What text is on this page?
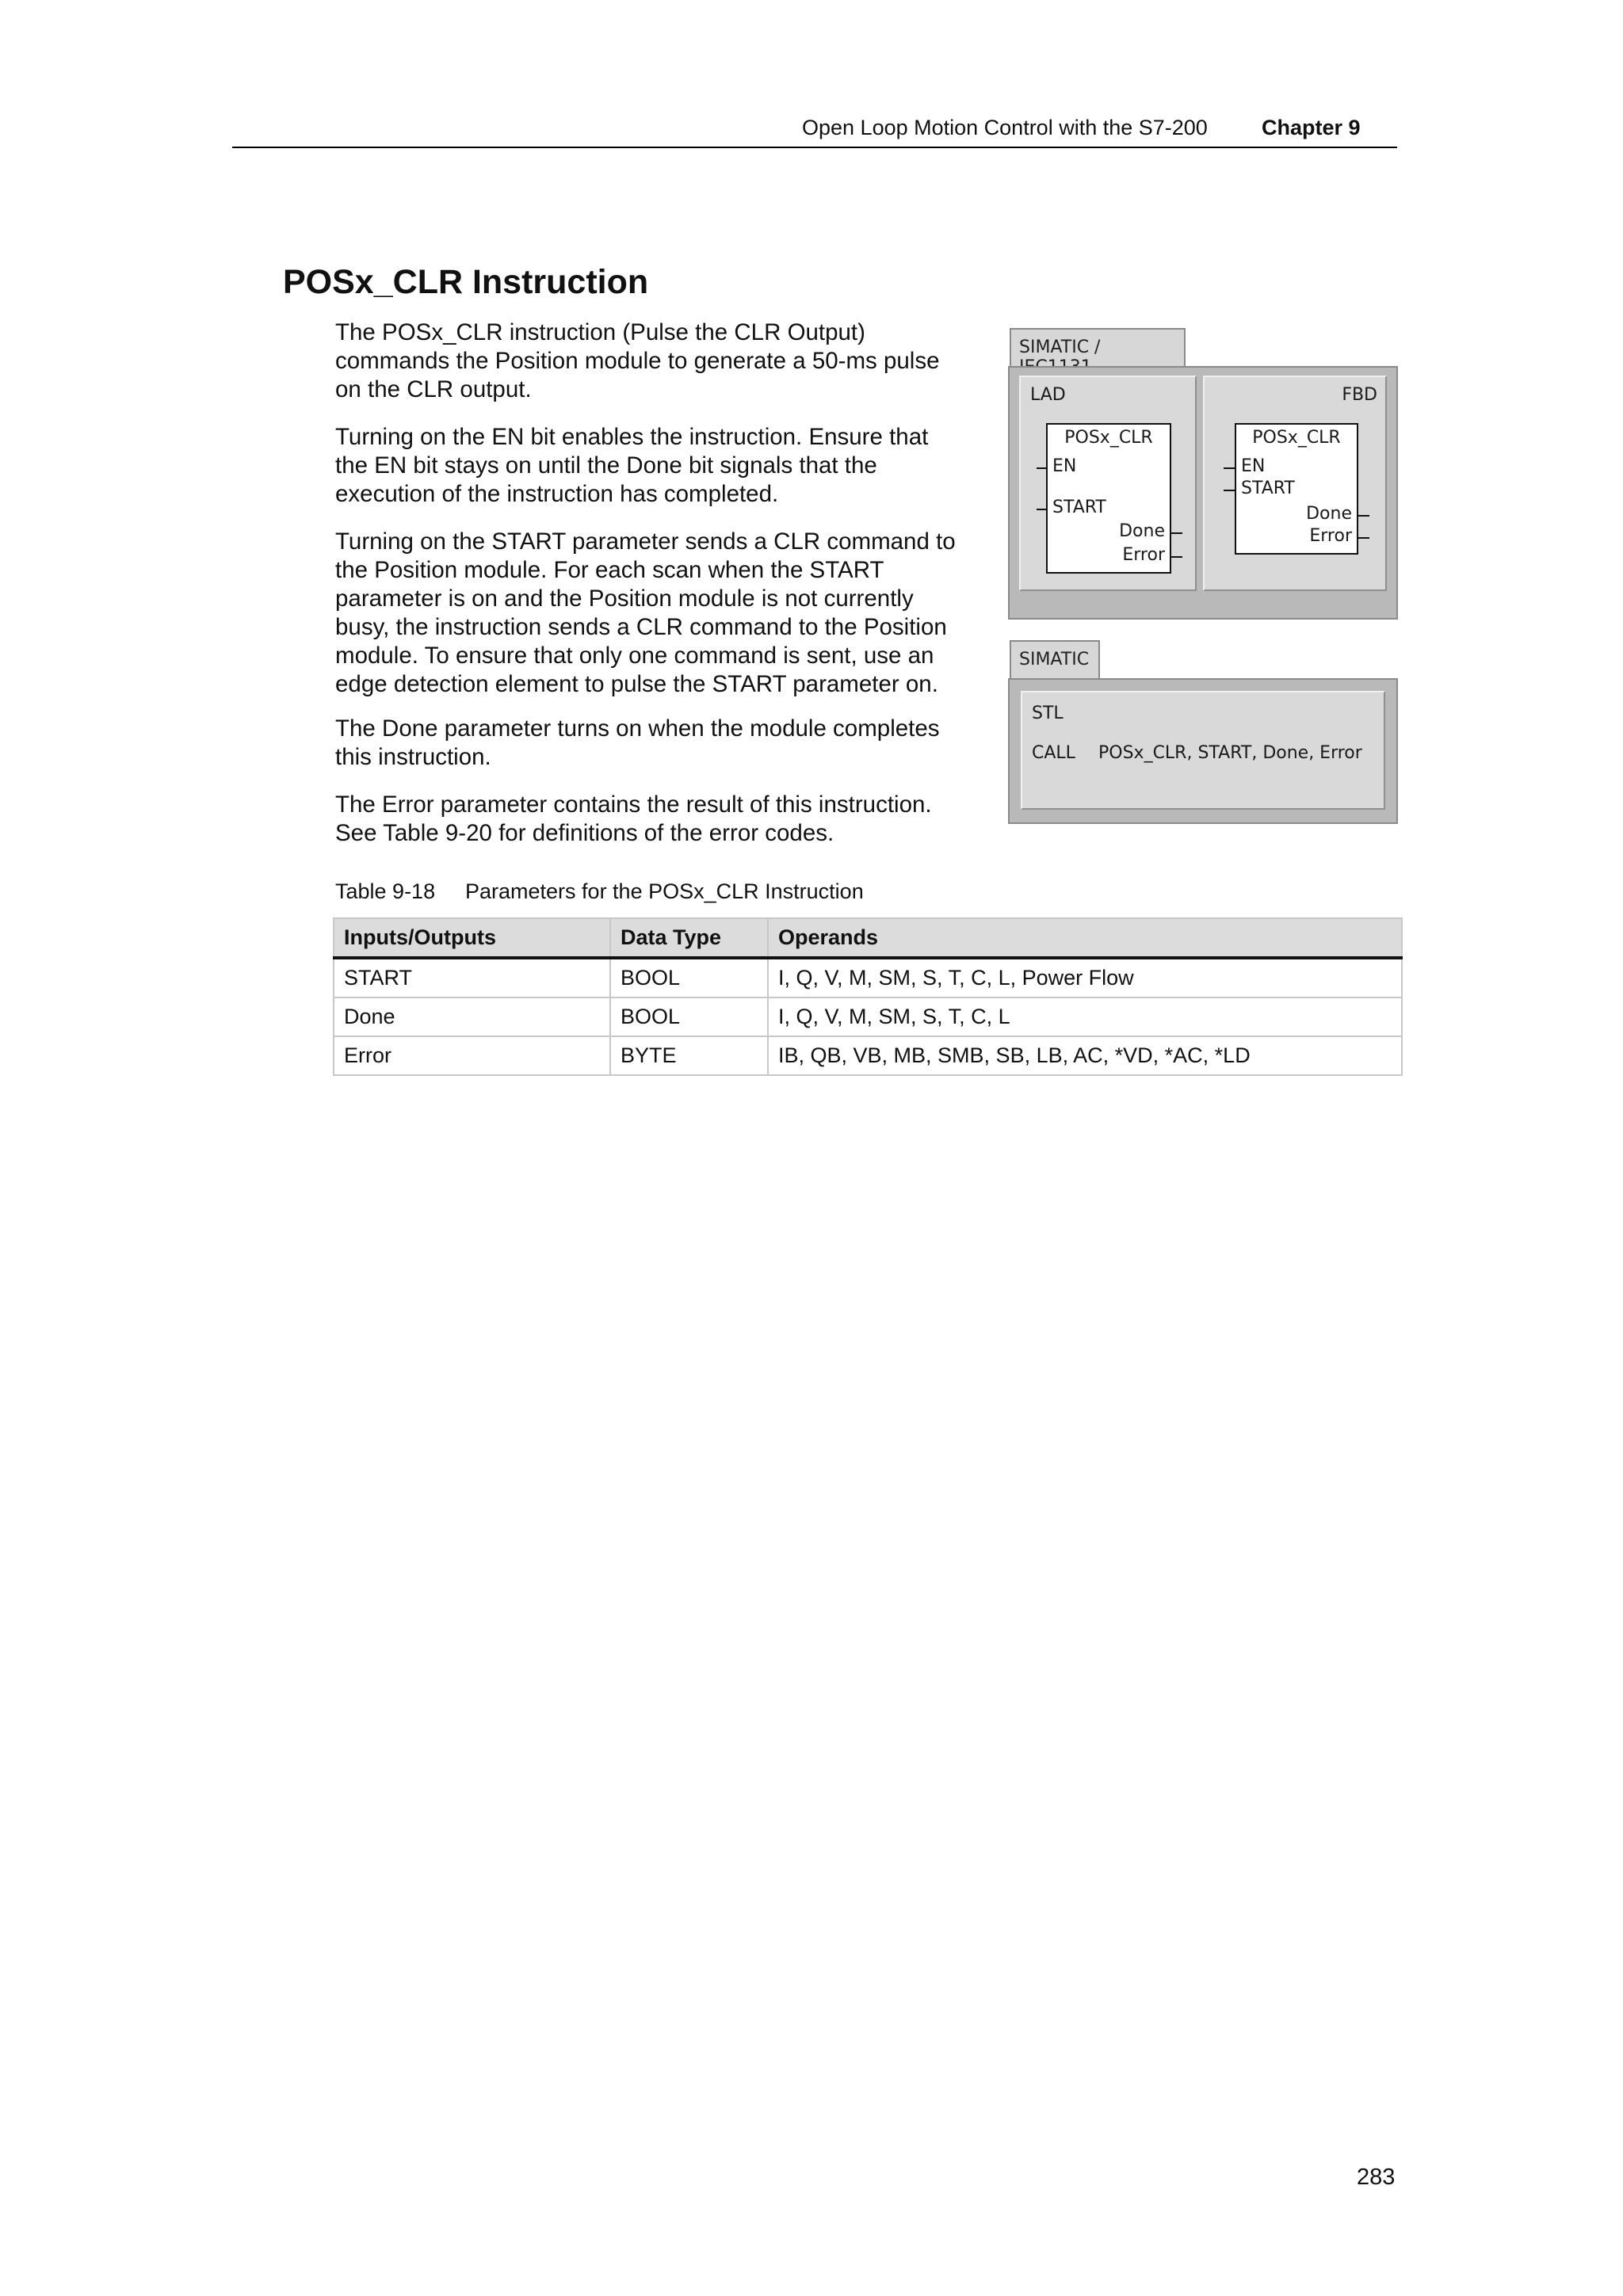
Open Loop Motion Control with the S7-200	Chapter 9
POSx_CLR Instruction
The POSx_CLR instruction (Pulse the CLR Output)
commands the Position module to generate a 50-ms pulse
on the CLR output.
Turning on the EN bit enables the instruction. Ensure that
the EN bit stays on until the Done bit signals that the
execution of the instruction has completed.
Turning on the START parameter sends a CLR command to
the Position module. For each scan when the START
parameter is on and the Position module is not currently
busy, the instruction sends a CLR command to the Position
module. To ensure that only one command is sent, use an
edge detection element to pulse the START parameter on.
The Done parameter turns on when the module completes
this instruction.
The Error parameter contains the result of this instruction.
See Table 9-20 for definitions of the error codes.
SIMATIC /
LAD
POSx_CLR
EN
START
Done
Error
FBD
POSx_CLR
EN
START
Done
Error
SIMATIC
STL
CALL POSx_CLR, START, Done, Error
Table 9-18 Parameters for the POSx_CLR Instruction
Inputs/Outputs	Data Type	Operands
START	BOOL	I, Q, V, M, SM, S, T, C, L, Power Flow
Done	BOOL	I, Q, V, M, SM, S, T, C, L
Error	BYTE	IB, QB, VB, MB, SMB, SB, LB, AC, *VD, *AC, *LD
283
